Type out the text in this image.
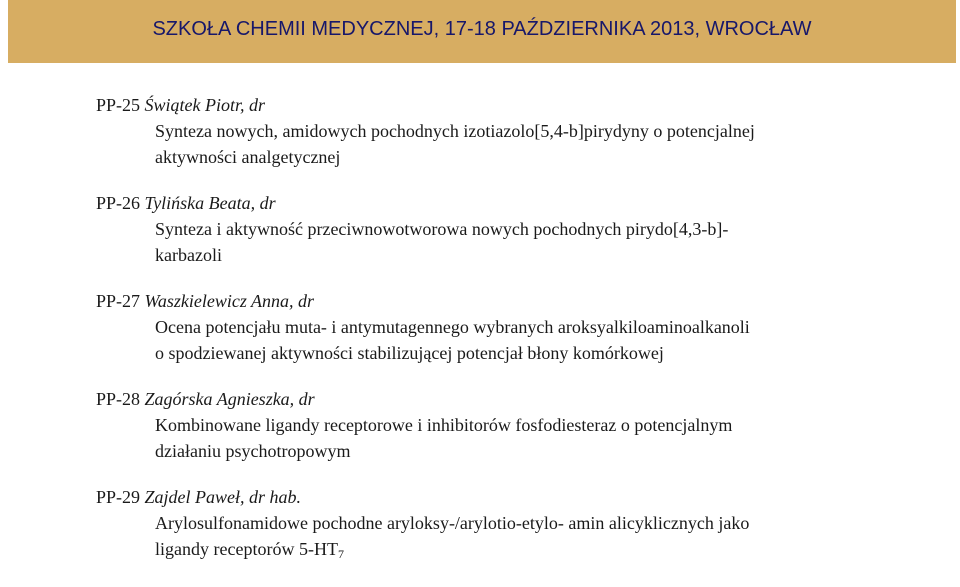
SZKOŁA CHEMII MEDYCZNEJ, 17-18 PAŹDZIERNIKA 2013, WROCŁAW
PP-25 Świątek Piotr, dr
Synteza nowych, amidowych pochodnych izotiazolo[5,4-b]pirydyny o potencjalnej
aktywności analgetycznej
PP-26 Tylińska Beata, dr
Synteza i aktywność przeciwnowotworowa nowych pochodnych pirydo[4,3-b]-
karbazoli
PP-27 Waszkielewicz Anna, dr
Ocena potencjału muta- i antymutagennego wybranych aroksyalkiloaminoalkanoli
o spodziewanej aktywności stabilizującej potencjał błony komórkowej
PP-28 Zagórska Agnieszka, dr
Kombinowane ligandy receptorowe i inhibitorów fosfodiesteraz o potencjalnym
działaniu psychotropowym
PP-29 Zajdel Paweł, dr hab.
Arylosulfonamidowe pochodne aryloksy-/arylotio-etylo- amin alicyklicznych jako
ligandy receptorów $5-HT_7$
